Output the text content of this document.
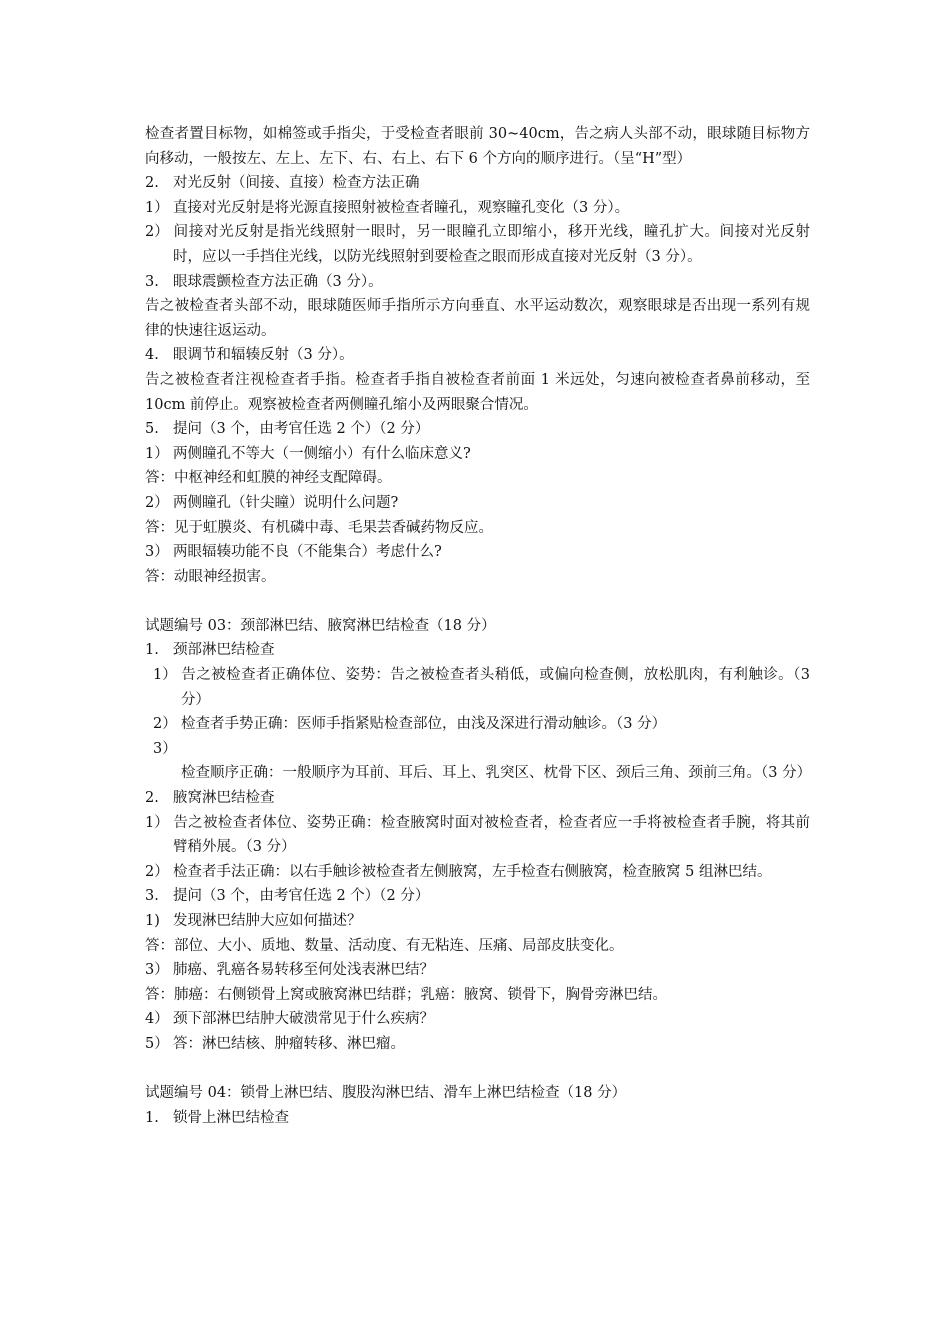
检查者置目标物，如棉签或手指尖，于受检查者眼前 30~40cm，告之病人头部不动，眼球随目标物方向移动，一般按左、左上、左下、右、右上、右下 6 个方向的顺序进行。（呈“H”型）
2. 对光反射（间接、直接）检查方法正确
1） 直接对光反射是将光源直接照射被检查者瞳孔，观察瞳孔变化（3 分）。
2） 间接对光反射是指光线照射一眼时，另一眼瞳孔立即缩小，移开光线，瞳孔扩大。间接对光反射时，应以一手挡住光线，以防光线照射到要检查之眼而形成直接对光反射（3 分）。
3. 眼球震颤检查方法正确（3 分）。
告之被检查者头部不动，眼球随医师手指所示方向垂直、水平运动数次，观察眼球是否出现一系列有规律的快速往返运动。
4. 眼调节和辐辏反射（3 分）。
告之被检查者注视检查者手指。检查者手指自被检查者前面 1 米远处，匀速向被检查者鼻前移动，至 10cm 前停止。观察被检查者两侧瞳孔缩小及两眼聚合情况。
5. 提问（3 个，由考官任选 2 个）（2 分）
1） 两侧瞳孔不等大（一侧缩小）有什么临床意义?
答：中枢神经和虹膜的神经支配障碍。
2） 两侧瞳孔（针尖瞳）说明什么问题?
答：见于虹膜炎、有机磷中毒、毛果芸香碱药物反应。
3） 两眼辐辏功能不良（不能集合）考虑什么?
答：动眼神经损害。
试题编号 03：颈部淋巴结、腋窝淋巴结检查（18 分）
1. 颈部淋巴结检查
1） 告之被检查者正确体位、姿势：告之被检查者头稍低，或偏向检查侧，放松肌肉，有利触诊。（3 分）
2） 检查者手势正确：医师手指紧贴检查部位，由浅及深进行滑动触诊。（3 分）
3）检查顺序正确：一般顺序为耳前、耳后、耳上、乳突区、枕骨下区、颈后三角、颈前三角。（3 分）
2. 腋窝淋巴结检查
1） 告之被检查者体位、姿势正确：检查腋窝时面对被检查者，检查者应一手将被检查者手腕，将其前臂稍外展。（3 分）
2） 检查者手法正确：以右手触诊被检查者左侧腋窝，左手检查右侧腋窝，检查腋窝 5 组淋巴结。
3. 提问（3 个，由考官任选 2 个）（2 分）
1) 发现淋巴结肿大应如何描述？
答：部位、大小、质地、数量、活动度、有无粘连、压痛、局部皮肤变化。
3） 肺癌、乳癌各易转移至何处浅表淋巴结？
答：肺癌：右侧锁骨上窝或腋窝淋巴结群；乳癌：腋窝、锁骨下，胸骨旁淋巴结。
4） 颈下部淋巴结肿大破溃常见于什么疾病？
5） 答：淋巴结核、肿瘤转移、淋巴瘤。
试题编号 04：锁骨上淋巴结、腹股沟淋巴结、滑车上淋巴结检查（18 分）
1. 锁骨上淋巴结检查
